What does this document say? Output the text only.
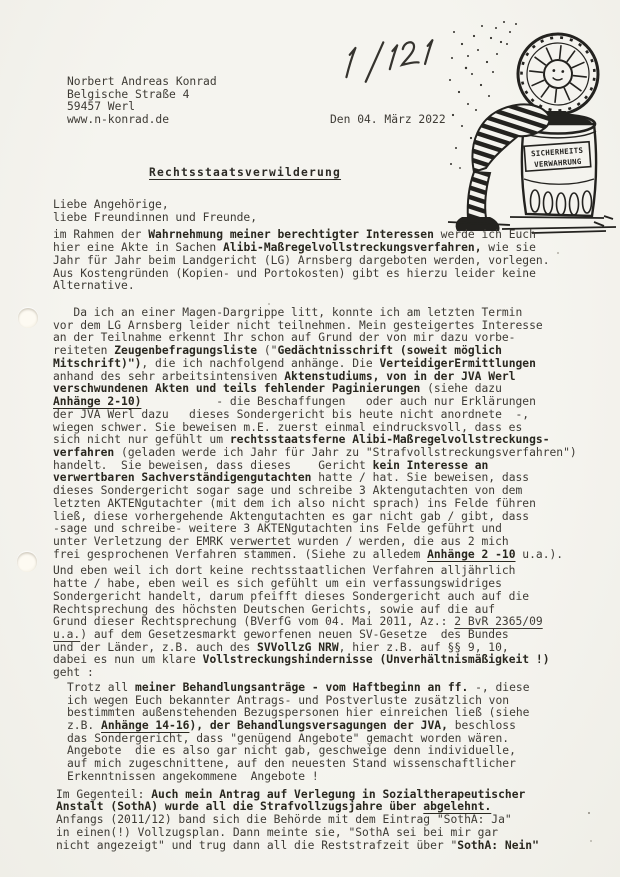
Norbert Andreas Konrad
Belgische Straße 4
59457 Werl
www.n-konrad.de	Den 04. März 2022
Rechtsstaatsverwilderung
SICHERHEITS
VERWAHRUNG
Liebe Angehörige,
liebe Freundinnen und Freunde,
im Rahmen der Wahrnehmung meiner berechtigter Interessen werde ich Euch
hier eine Akte in Sachen Alibi-Maßregelvollstreckungsverfahren, wie sie
Jahr für Jahr beim Landgericht (LG) Arnsberg dargeboten werden, vorlegen.
Aus Kostengründen (Kopien- und Portokosten) gibt es hierzu leider keine
Alternative.
Da ich an einer Magen-Dargrippe litt, konnte ich am letzten Termin
vor dem LG Arnsberg leider nicht teilnehmen. Mein gesteigertes Interesse
an der Teilnahme erkennt Ihr schon auf Grund der von mir dazu vorbe-
reiteten Zeugenbefragungsliste ("Gedächtnisschrift (soweit möglich
Mitschrift)"), die ich nachfolgend anhänge. Die VerteidigerErmittlungen
anhand des sehr arbeitsintensiven Aktenstudiums, von in der JVA Werl
verschwundenen Akten und teils fehlender Paginierungen (siehe dazu
Anhänge 2-10)           - die Beschaffungen   oder auch nur Erklärungen
der JVA Werl dazu   dieses Sondergericht bis heute nicht anordnete  -,
wiegen schwer. Sie beweisen m.E. zuerst einmal eindrucksvoll, dass es
sich nicht nur gefühlt um rechtsstaatsferne Alibi-Maßregelvollstreckungs-
verfahren (geladen werde ich Jahr für Jahr zu "Strafvollstreckungsverfahren")
handelt.  Sie beweisen, dass dieses    Gericht kein Interesse an
verwertbaren Sachverständigengutachten hatte / hat. Sie beweisen, dass
dieses Sondergericht sogar sage und schreibe 3 Aktengutachten von dem
letzten AKTENgutachter (mit dem ich also nicht sprach) ins Felde führen
ließ, diese vorhergehende Aktengutachten es gar nicht gab / gibt, dass
-sage und schreibe- weitere 3 AKTENgutachten ins Felde geführt und
unter Verletzung der EMRK verwertet wurden / werden, die aus 2 mich
frei gesprochenen Verfahren stammen. (Siehe zu alledem Anhänge 2 -10 u.a.).
Und eben weil ich dort keine rechtsstaatlichen Verfahren alljährlich
hatte / habe, eben weil es sich gefühlt um ein verfassungswidriges
Sondergericht handelt, darum pfeifft dieses Sondergericht auch auf die
Rechtsprechung des höchsten Deutschen Gerichts, sowie auf die auf
Grund dieser Rechtsprechung (BVerfG vom 04. Mai 2011, Az.: 2 BvR 2365/09
u.a.) auf dem Gesetzesmarkt geworfenen neuen SV-Gesetze  des Bundes
und der Länder, z.B. auch des SVVollzG NRW, hier z.B. auf §§ 9, 10,
dabei es nun um klare Vollstreckungshindernisse (Unverhältnismäßigkeit !)
geht :
Trotz all meiner Behandlungsanträge - vom Haftbeginn an ff. -, diese
ich wegen Euch bekannter Antrags- und Postverluste zusätzlich von
bestimmten außenstehenden Bezugspersonen hier einreichen ließ (siehe
z.B. Anhänge 14-16), der Behandlungsversagungen der JVA, beschloss
das Sondergericht, dass "genügend Angebote" gemacht worden wären.
Angebote  die es also gar nicht gab, geschweige denn individuelle,
auf mich zugeschnittene, auf den neuesten Stand wissenschaftlicher
Erkenntnissen angekommene  Angebote !
Im Gegenteil: Auch mein Antrag auf Verlegung in Sozialtherapeutischer
Anstalt (SothA) wurde all die Strafvollzugsjahre über abgelehnt.
Anfangs (2011/12) band sich die Behörde mit dem Eintrag "SothA: Ja"
in einen(!) Vollzugsplan. Dann meinte sie, "SothA sei bei mir gar
nicht angezeigt" und trug dann all die Reststrafzeit über "SothA: Nein"
